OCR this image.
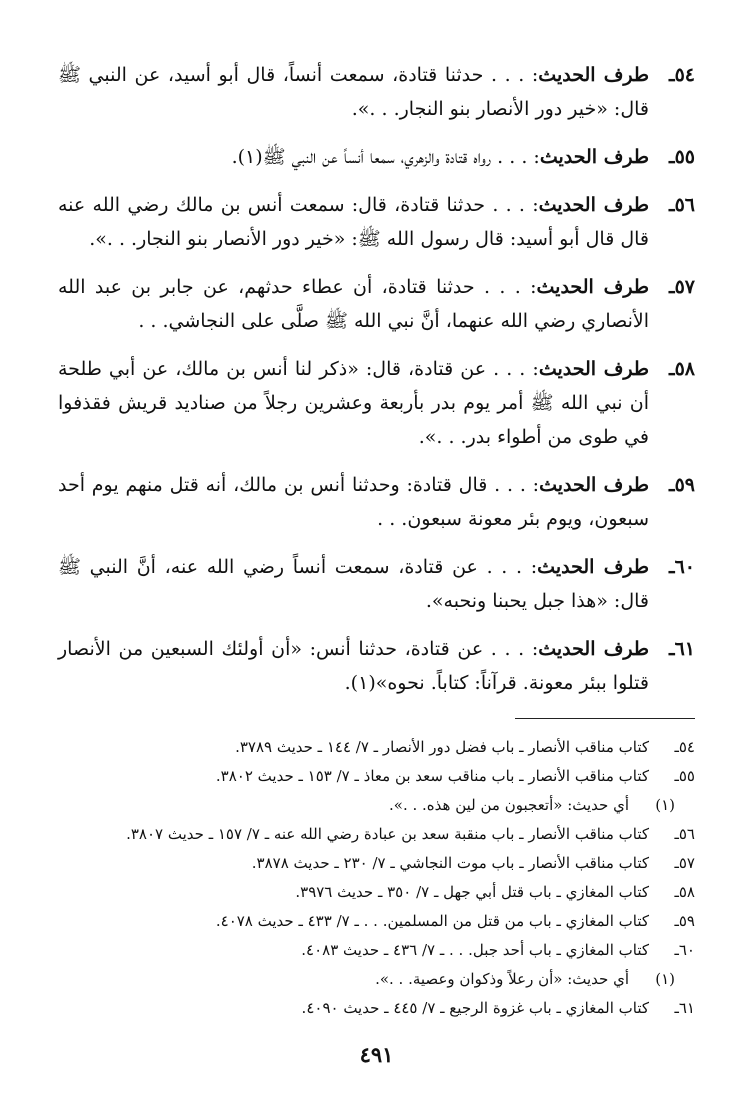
٥٤ـ
طرف الحديث: . . . حدثنا قتادة، سمعت أنساً، قال أبو أسيد، عن النبي ﷺ قال: «خير دور الأنصار بنو النجار. . .».
٥٥ـ
طرف الحديث: . . . رواه قتادة والزهري، سمعا أنساً عن النبي ﷺ(١).
٥٦ـ
طرف الحديث: . . . حدثنا قتادة، قال: سمعت أنس بن مالك رضي الله عنه قال قال أبو أسيد: قال رسول الله ﷺ: «خير دور الأنصار بنو النجار. . .».
٥٧ـ
طرف الحديث: . . . حدثنا قتادة، أن عطاء حدثهم، عن جابر بن عبد الله الأنصاري رضي الله عنهما، أنَّ نبي الله ﷺ صلَّى على النجاشي. . .
٥٨ـ
طرف الحديث: . . . عن قتادة، قال: «ذكر لنا أنس بن مالك، عن أبي طلحة أن نبي الله ﷺ أمر يوم بدر بأربعة وعشرين رجلاً من صناديد قريش فقذفوا في طوى من أطواء بدر. . .».
٥٩ـ
طرف الحديث: . . . قال قتادة: وحدثنا أنس بن مالك، أنه قتل منهم يوم أحد سبعون، ويوم بئر معونة سبعون. . .
٦٠ـ
طرف الحديث: . . . عن قتادة، سمعت أنساً رضي الله عنه، أنَّ النبي ﷺ قال: «هذا جبل يحبنا ونحبه».
٦١ـ
طرف الحديث: . . . عن قتادة، حدثنا أنس: «أن أولئك السبعين من الأنصار قتلوا ببئر معونة. قرآناً: كتاباً. نحوه»(١).
٥٤ـ
كتاب مناقب الأنصار ـ باب فضل دور الأنصار ـ ٧/ ١٤٤ ـ حديث ٣٧٨٩.
٥٥ـ
كتاب مناقب الأنصار ـ باب مناقب سعد بن معاذ ـ ٧/ ١٥٣ ـ حديث ٣٨٠٢.
(١)
أي حديث: «أتعجبون من لين هذه. . .».
٥٦ـ
كتاب مناقب الأنصار ـ باب منقبة سعد بن عبادة رضي الله عنه ـ ٧/ ١٥٧ ـ حديث ٣٨٠٧.
٥٧ـ
كتاب مناقب الأنصار ـ باب موت النجاشي ـ ٧/ ٢٣٠ ـ حديث ٣٨٧٨.
٥٨ـ
كتاب المغازي ـ باب قتل أبي جهل ـ ٧/ ٣٥٠ ـ حديث ٣٩٧٦.
٥٩ـ
كتاب المغازي ـ باب من قتل من المسلمين. . . ـ ٧/ ٤٣٣ ـ حديث ٤٠٧٨.
٦٠ـ
كتاب المغازي ـ باب أحد جبل. . . ـ ٧/ ٤٣٦ ـ حديث ٤٠٨٣.
(١)
أي حديث: «أن رعلاً وذكوان وعصية. . .».
٦١ـ
كتاب المغازي ـ باب غزوة الرجيع ـ ٧/ ٤٤٥ ـ حديث ٤٠٩٠.
٤٩١
